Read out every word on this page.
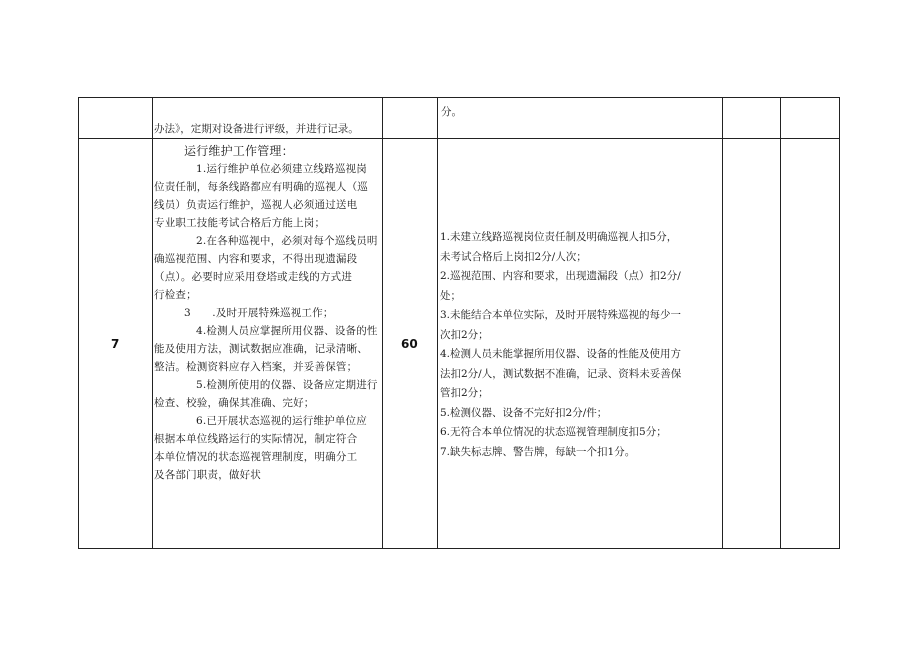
办法》，定期对设备进行评级，并进行记录。
分。
7	60
运行维护工作管理：
1.运行维护单位必须建立线路巡视岗
位责任制，每条线路都应有明确的巡视人（巡
线员）负责运行维护，巡视人必须通过送电
专业职工技能考试合格后方能上岗；
2.在各种巡视中，必须对每个巡线员明
确巡视范围、内容和要求，不得出现遗漏段
（点）。必要时应采用登塔或走线的方式进
行检查；
3　　.及时开展特殊巡视工作；
4.检测人员应掌握所用仪器、设备的性
能及使用方法，测试数据应准确，记录清晰、
整洁。检测资料应存入档案，并妥善保管；
5.检测所使用的仪器、设备应定期进行
检查、校验，确保其准确、完好；
6.已开展状态巡视的运行维护单位应
根据本单位线路运行的实际情况，制定符合
本单位情况的状态巡视管理制度，明确分工
及各部门职责，做好状
1.未建立线路巡视岗位责任制及明确巡视人扣5分，
未考试合格后上岗扣2分/人次；
2.巡视范围、内容和要求，出现遗漏段（点）扣2分/
处；
3.未能结合本单位实际，及时开展特殊巡视的每少一
次扣2分；
4.检测人员未能掌握所用仪器、设备的性能及使用方
法扣2分/人，测试数据不准确，记录、资料未妥善保
管扣2分；
5.检测仪器、设备不完好扣2分/件；
6.无符合本单位情况的状态巡视管理制度扣5分；
7.缺失标志牌、警告牌，每缺一个扣1分。
